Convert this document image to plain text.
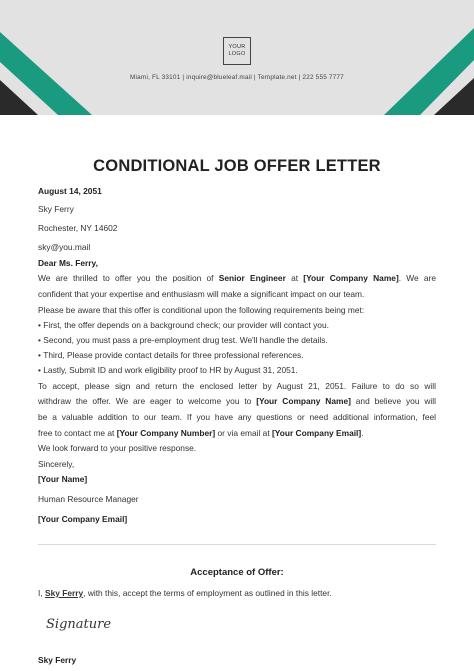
YOUR LOGO
Miami, FL 33101 | inquire@blueleaf.mail | Template.net | 222 555 7777
CONDITIONAL JOB OFFER LETTER
August 14, 2051
Sky Ferry
Rochester, NY 14602
sky@you.mail
Dear Ms. Ferry,
We are thrilled to offer you the position of Senior Engineer at [Your Company Name]. We are
confident that your expertise and enthusiasm will make a significant impact on our team.
Please be aware that this offer is conditional upon the following requirements being met:
• First, the offer depends on a background check; our provider will contact you.
• Second, you must pass a pre-employment drug test. We'll handle the details.
• Third, Please provide contact details for three professional references.
• Lastly, Submit ID and work eligibility proof to HR by August 31, 2051.
To accept, please sign and return the enclosed letter by August 21, 2051. Failure to do so will
withdraw the offer. We are eager to welcome you to [Your Company Name] and believe you will
be a valuable addition to our team. If you have any questions or need additional information, feel
free to contact me at [Your Company Number] or via email at [Your Company Email].
We look forward to your positive response.
Sincerely,
[Your Name]
Human Resource Manager
[Your Company Email]
Acceptance of Offer:
I, Sky Ferry, with this, accept the terms of employment as outlined in this letter.
Signature
Sky Ferry
